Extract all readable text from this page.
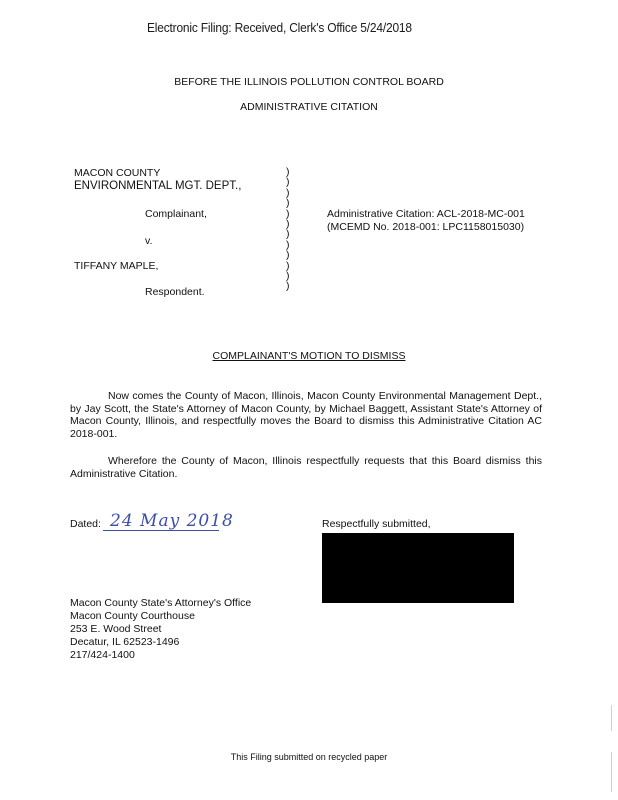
Electronic Filing: Received, Clerk's Office 5/24/2018
BEFORE THE ILLINOIS POLLUTION CONTROL BOARD
ADMINISTRATIVE CITATION
MACON COUNTY
ENVIRONMENTAL MGT. DEPT.,
Complainant,
v.
TIFFANY MAPLE,
Respondent.
)
)
)
)
)
)
)
)
)
)
)
)
Administrative Citation: ACL-2018-MC-001
(MCEMD No. 2018-001: LPC1158015030)
COMPLAINANT'S MOTION TO DISMISS
Now comes the County of Macon, Illinois, Macon County Environmental Management Dept., by Jay Scott, the State's Attorney of Macon County, by Michael Baggett, Assistant State's Attorney of Macon County, Illinois, and respectfully moves the Board to dismiss this Administrative Citation AC 2018-001.
Wherefore the County of Macon, Illinois respectfully requests that this Board dismiss this Administrative Citation.
Dated: 24 May 2018	Respectfully submitted,
Macon County State's Attorney's Office
Macon County Courthouse
253 E. Wood Street
Decatur, IL 62523-1496
217/424-1400
This Filing submitted on recycled paper
